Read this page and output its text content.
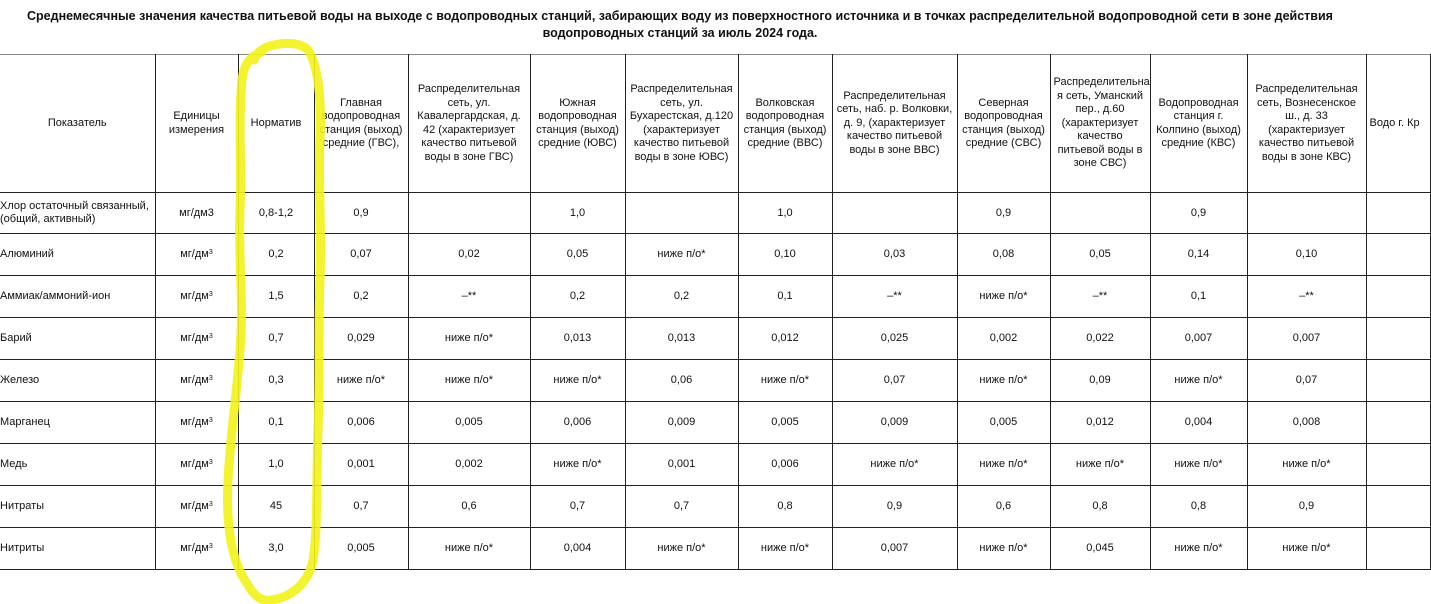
Среднемесячные значения качества питьевой воды на выходе с водопроводных станций, забирающих воду из поверхностного источника и в точках распределительной водопроводной сети в зоне действия
водопроводных станций за июль 2024 года.
Показатель	Единицы измерения	Норматив	Главная водопроводная станция (выход) средние (ГВС),	Распределительная сеть, ул. Кавалергардская, д. 42 (характеризует качество питьевой воды в зоне ГВС)	Южная водопроводная станция (выход) средние (ЮВС)	Распределительная сеть, ул. Бухарестская, д.120 (характеризует качество питьевой воды в зоне ЮВС)	Волковская водопроводная станция (выход) средние (ВВС)	Распределительная сеть, наб. р. Волковки, д. 9, (характеризует качество питьевой воды в зоне ВВС)	Северная водопроводная станция (выход) средние (СВС)	Распределительна я сеть, Уманский пер., д.60 (характеризует качество питьевой воды в зоне СВС)	Водопроводная станция г. Колпино (выход) средние (КВС)	Распределительная сеть, Вознесенское ш., д. 33 (характеризует качество питьевой воды в зоне КВС)	Водо г. Кр
Хлор остаточный связанный, (общий, активный)	мг/дм3	0,8-1,2	0,9		1,0		1,0		0,9		0,9		
Алюминий	$мг/дм^3$	0,2	0,07	0,02	0,05	ниже п/о*	0,10	0,03	0,08	0,05	0,14	0,10	
Аммиак/аммоний-ион	$мг/дм^3$	1,5	0,2	–**	0,2	0,2	0,1	–**	ниже п/о*	–**	0,1	–**	
Барий	$мг/дм^3$	0,7	0,029	ниже п/о*	0,013	0,013	0,012	0,025	0,002	0,022	0,007	0,007	
Железо	$мг/дм^3$	0,3	ниже п/о*	ниже п/о*	ниже п/о*	0,06	ниже п/о*	0,07	ниже п/о*	0,09	ниже п/о*	0,07	
Марганец	$мг/дм^3$	0,1	0,006	0,005	0,006	0,009	0,005	0,009	0,005	0,012	0,004	0,008	
Медь	$мг/дм^3$	1,0	0,001	0,002	ниже п/о*	0,001	0,006	ниже п/о*	ниже п/о*	ниже п/о*	ниже п/о*	ниже п/о*	
Нитраты	$мг/дм^3$	45	0,7	0,6	0,7	0,7	0,8	0,9	0,6	0,8	0,8	0,9	
Нитриты	$мг/дм^3$	3,0	0,005	ниже п/о*	0,004	ниже п/о*	ниже п/о*	0,007	ниже п/о*	0,045	ниже п/о*	ниже п/о*	
